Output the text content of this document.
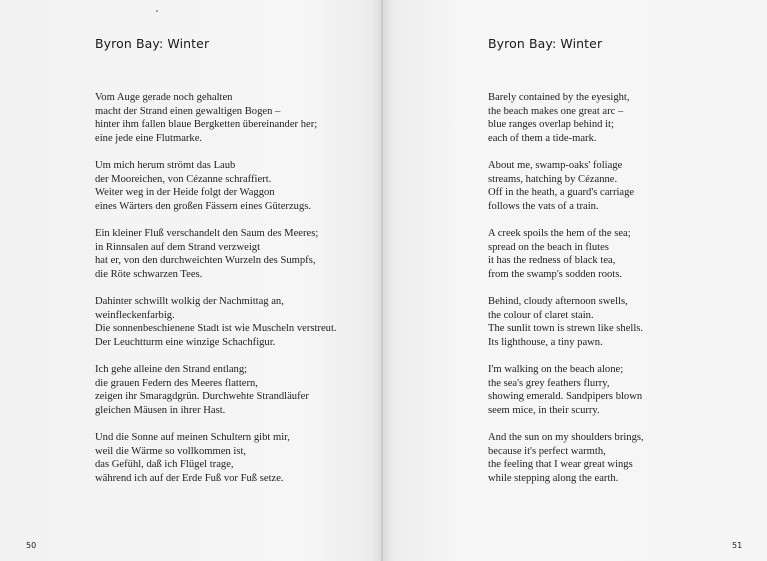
Byron Bay: Winter
Vom Auge gerade noch gehalten
macht der Strand einen gewaltigen Bogen –
hinter ihm fallen blaue Bergketten übereinander her;
eine jede eine Flutmarke.
Um mich herum strömt das Laub
der Mooreichen, von Cézanne schraffiert.
Weiter weg in der Heide folgt der Waggon
eines Wärters den großen Fässern eines Güterzugs.
Ein kleiner Fluß verschandelt den Saum des Meeres;
in Rinnsalen auf dem Strand verzweigt
hat er, von den durchweichten Wurzeln des Sumpfs,
die Röte schwarzen Tees.
Dahinter schwillt wolkig der Nachmittag an,
weinfleckenfarbig.
Die sonnenbeschienene Stadt ist wie Muscheln verstreut.
Der Leuchtturm eine winzige Schachfigur.
Ich gehe alleine den Strand entlang;
die grauen Federn des Meeres flattern,
zeigen ihr Smaragdgrün. Durchwehte Strandläufer
gleichen Mäusen in ihrer Hast.
Und die Sonne auf meinen Schultern gibt mir,
weil die Wärme so vollkommen ist,
das Gefühl, daß ich Flügel trage,
während ich auf der Erde Fuß vor Fuß setze.
50
Byron Bay: Winter
Barely contained by the eyesight,
the beach makes one great arc –
blue ranges overlap behind it;
each of them a tide-mark.
About me, swamp-oaks' foliage
streams, hatching by Cézanne.
Off in the heath, a guard's carriage
follows the vats of a train.
A creek spoils the hem of the sea;
spread on the beach in flutes
it has the redness of black tea,
from the swamp's sodden roots.
Behind, cloudy afternoon swells,
the colour of claret stain.
The sunlit town is strewn like shells.
Its lighthouse, a tiny pawn.
I'm walking on the beach alone;
the sea's grey feathers flurry,
showing emerald. Sandpipers blown
seem mice, in their scurry.
And the sun on my shoulders brings,
because it's perfect warmth,
the feeling that I wear great wings
while stepping along the earth.
51
